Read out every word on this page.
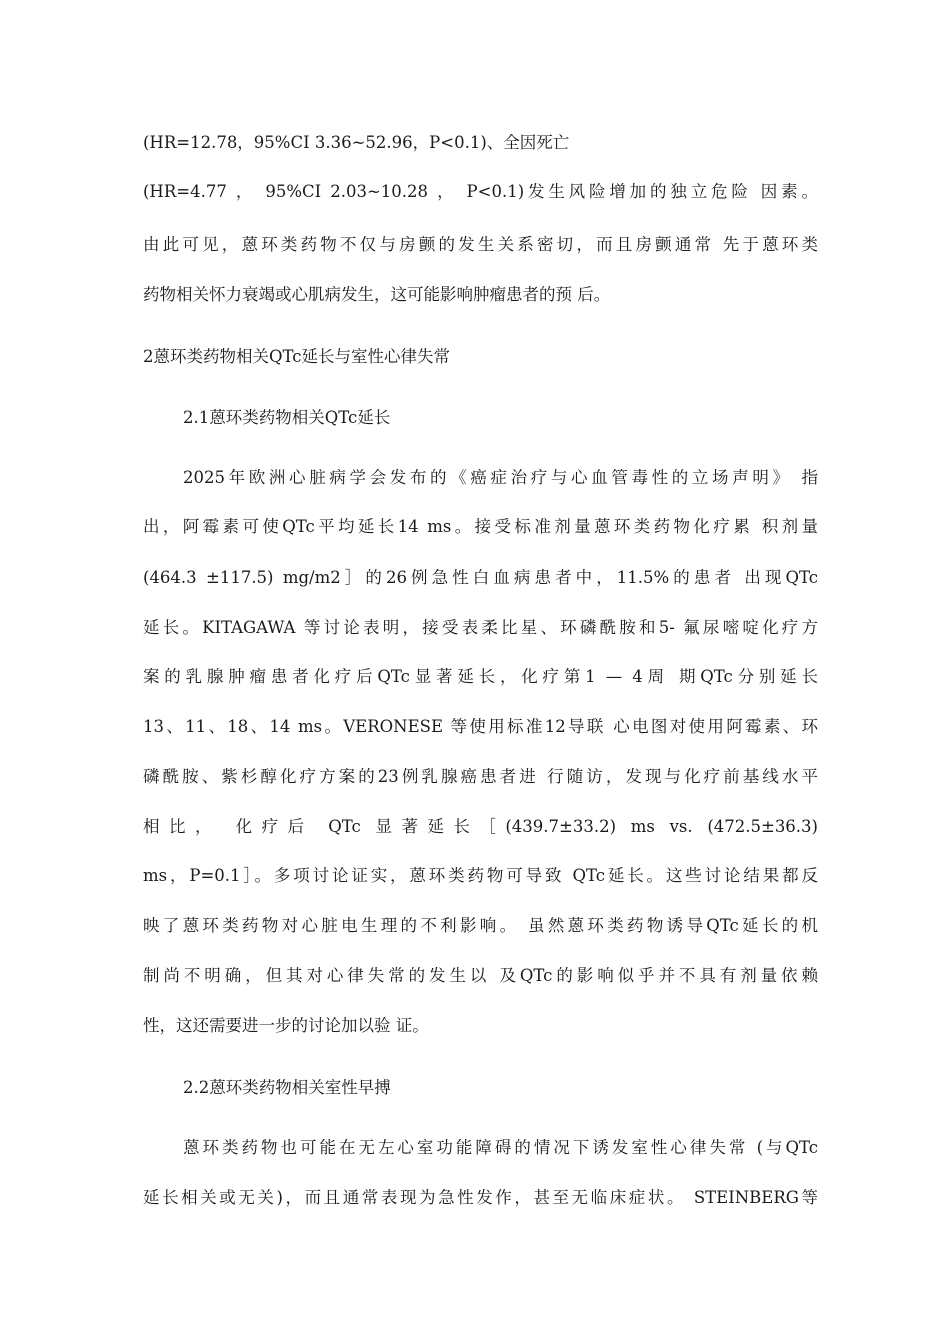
(HR=12.78，95%CI 3.36~52.96，P<0.1)、全因死亡
(HR=4.77 ， 95%CI 2.03~10.28 ， P<0.1)发生风险增加的独立危险 因素。
由此可见，蒽环类药物不仅与房颤的发生关系密切，而且房颤通常 先于蒽环类
药物相关怀力衰竭或心肌病发生，这可能影响肿瘤患者的预 后。
2蒽环类药物相关QTc延长与室性心律失常
2.1蒽环类药物相关QTc延长
2025年欧洲心脏病学会发布的《癌症治疗与心血管毒性的立场声明》 指
出，阿霉素可使QTc平均延长14 ms。接受标准剂量蒽环类药物化疗累 积剂量
(464.3 ±117.5) mg/m2］的26例急性白血病患者中，11.5%的患者 出现QTc
延长。KITAGAWA 等讨论表明，接受表柔比星、环磷酰胺和5- 氟尿嘧啶化疗方
案的乳腺肿瘤患者化疗后QTc显著延长，化疗第1 — 4周 期QTc分别延长
13、11、18、14 ms。VERONESE 等使用标准12导联 心电图对使用阿霉素、环
磷酰胺、紫杉醇化疗方案的23例乳腺癌患者进 行随访，发现与化疗前基线水平
相比， 化疗后 QTc 显著延长［(439.7±33.2) ms vs. (472.5±36.3)
ms，P=0.1］。多项讨论证实，蒽环类药物可导致 QTc延长。这些讨论结果都反
映了蒽环类药物对心脏电生理的不利影响。 虽然蒽环类药物诱导QTc延长的机
制尚不明确，但其对心律失常的发生以 及QTc的影响似乎并不具有剂量依赖
性，这还需要进一步的讨论加以验 证。
2.2蒽环类药物相关室性早搏
蒽环类药物也可能在无左心室功能障碍的情况下诱发室性心律失常 (与QTc
延长相关或无关)，而且通常表现为急性发作，甚至无临床症状。 STEINBERG等
